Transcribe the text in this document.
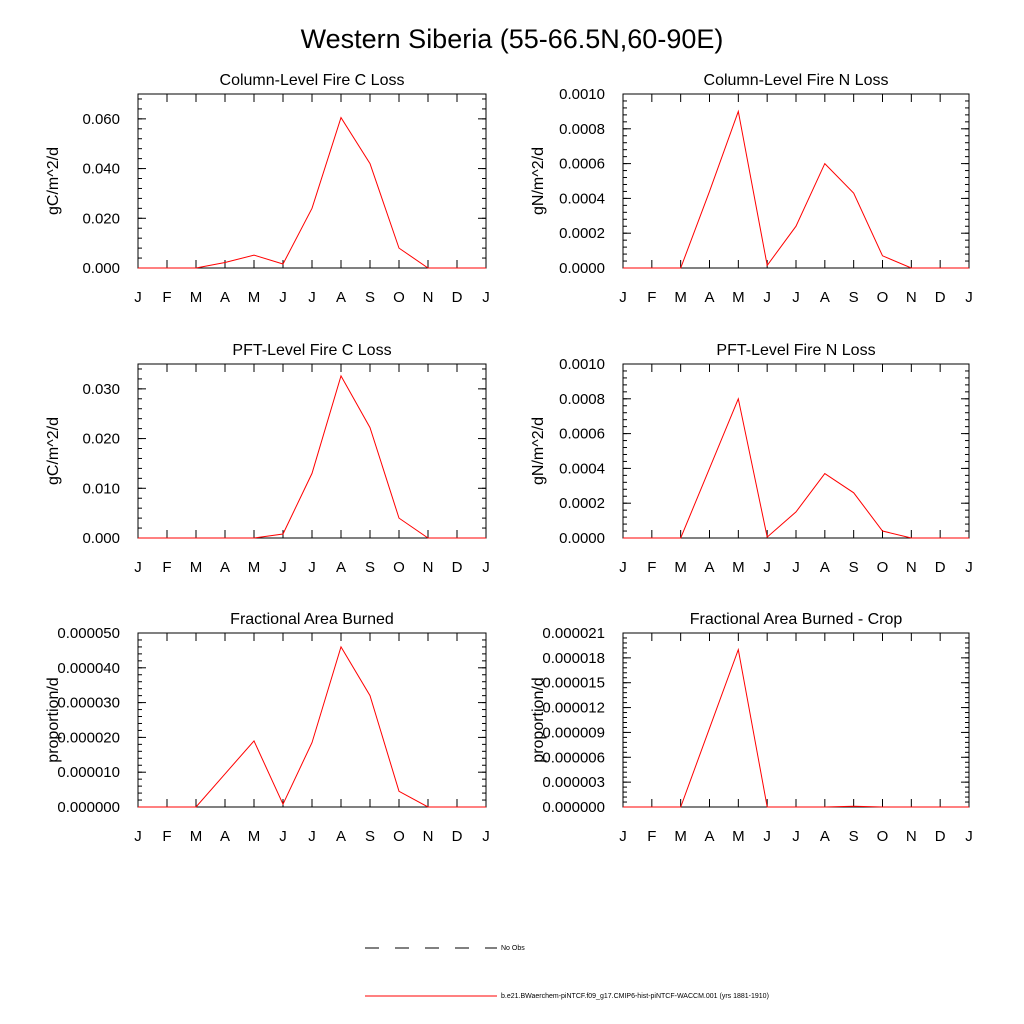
Western Siberia (55-66.5N,60-90E)
Column-Level Fire C Loss
J F M A M J J A S O N D J
0.000
0.020
0.040
0.060
gC/m^2/d
Column-Level Fire N Loss
J F M A M J J A S O N D J
0.0000
0.0002
0.0004
0.0006
0.0008
0.0010
gN/m^2/d
PFT-Level Fire C Loss
J F M A M J J A S O N D J
0.000
0.010
0.020
0.030
gC/m^2/d
PFT-Level Fire N Loss
J F M A M J J A S O N D J
0.0000
0.0002
0.0004
0.0006
0.0008
0.0010
gN/m^2/d
Fractional Area Burned
J F M A M J J A S O N D J
0.000000
0.000010
0.000020
0.000030
0.000040
0.000050
proportion/d
Fractional Area Burned - Crop
J F M A M J J A S O N D J
0.000000
0.000003
0.000006
0.000009
0.000012
0.000015
0.000018
0.000021
proportion/d
No Obs
b.e21.BWaerchem-piNTCF.f09_g17.CMIP6-hist-piNTCF-WACCM.001 (yrs 1881-1910)
